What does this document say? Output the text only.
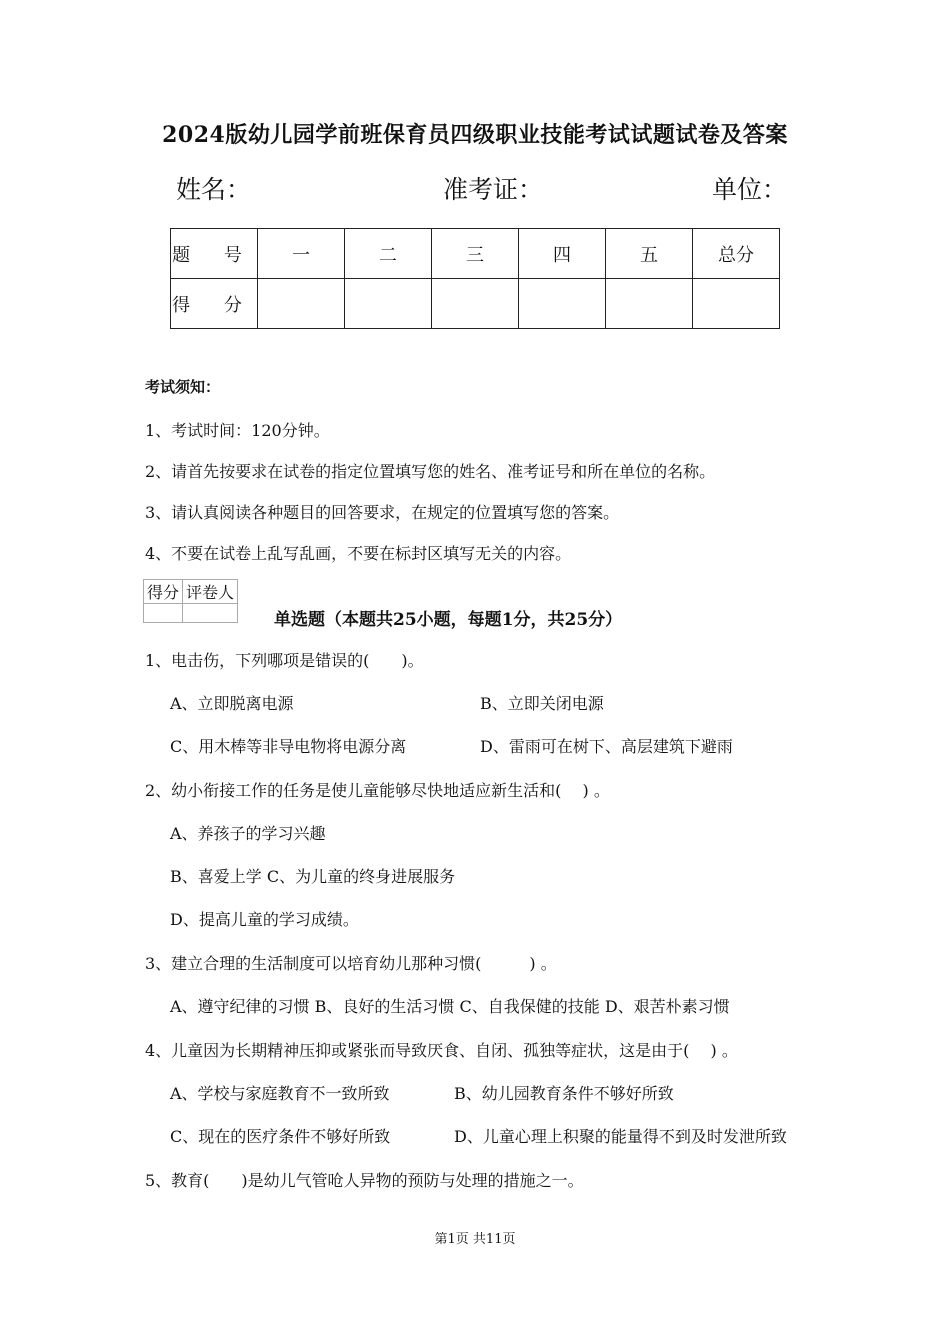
2024版幼儿园学前班保育员四级职业技能考试试题试卷及答案
姓名：	准考证：	单位：
题 号	一	二	三	四	五	总分
得 分						
考试须知：
1、考试时间：120分钟。
2、请首先按要求在试卷的指定位置填写您的姓名、准考证号和所在单位的名称。
3、请认真阅读各种题目的回答要求，在规定的位置填写您的答案。
4、不要在试卷上乱写乱画，不要在标封区填写无关的内容。
得分	评卷人

单选题（本题共25小题，每题1分，共25分）
1、电击伤，下列哪项是错误的(　　)。
A、立即脱离电源	B、立即关闭电源
C、用木棒等非导电物将电源分离	D、雷雨可在树下、高层建筑下避雨
2、幼小衔接工作的任务是使儿童能够尽快地适应新生活和(　 ) 。
A、养孩子的学习兴趣
B、喜爱上学 C、为儿童的终身进展服务
D、提高儿童的学习成绩。
3、建立合理的生活制度可以培育幼儿那种习惯(　　　) 。
A、遵守纪律的习惯 B、良好的生活习惯 C、自我保健的技能 D、艰苦朴素习惯
4、儿童因为长期精神压抑或紧张而导致厌食、自闭、孤独等症状，这是由于(　 ) 。
A、学校与家庭教育不一致所致	B、幼儿园教育条件不够好所致
C、现在的医疗条件不够好所致	D、儿童心理上积聚的能量得不到及时发泄所致
5、教育(　　)是幼儿气管呛人异物的预防与处理的措施之一。
第1页 共11页
